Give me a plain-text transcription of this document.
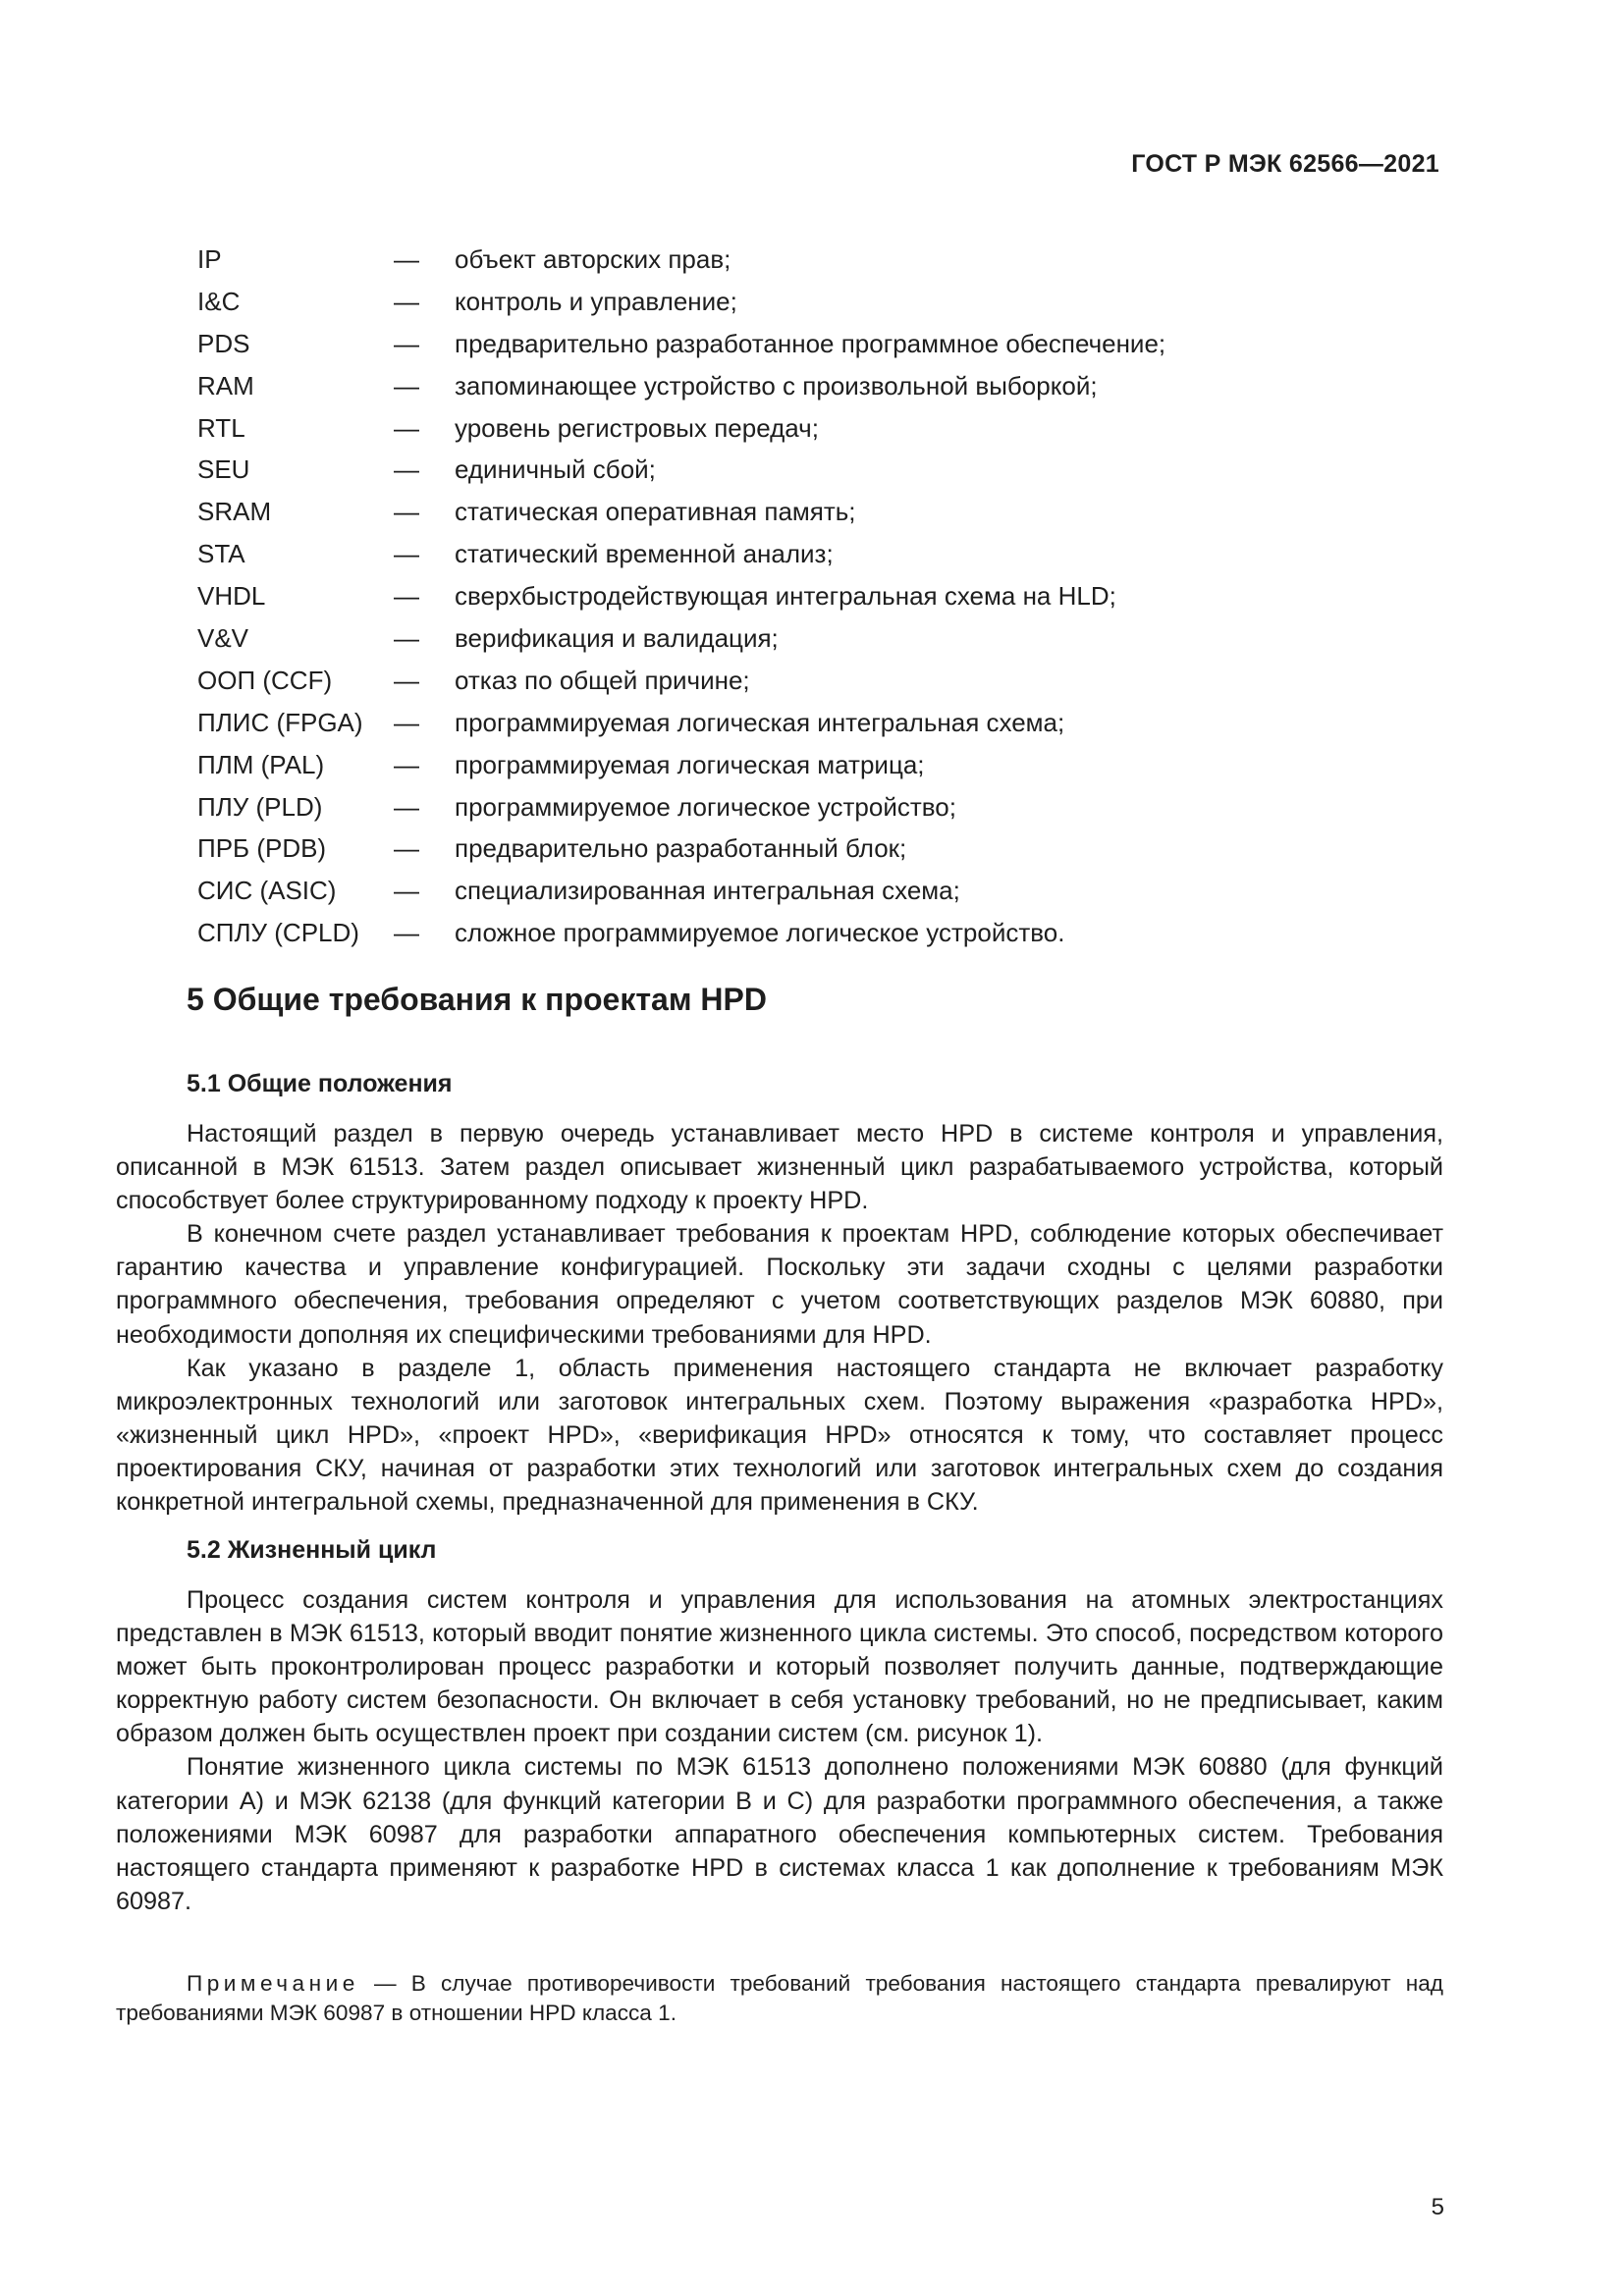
ГОСТ Р МЭК 62566—2021
IP	—	объект авторских прав;
I&C	—	контроль и управление;
PDS	—	предварительно разработанное программное обеспечение;
RAM	—	запоминающее устройство с произвольной выборкой;
RTL	—	уровень регистровых передач;
SEU	—	единичный сбой;
SRAM	—	статическая оперативная память;
STA	—	статический временной анализ;
VHDL	—	сверхбыстродействующая интегральная схема на HLD;
V&V	—	верификация и валидация;
ООП (CCF)	—	отказ по общей причине;
ПЛИС (FPGA)	—	программируемая логическая интегральная схема;
ПЛМ (PAL)	—	программируемая логическая матрица;
ПЛУ (PLD)	—	программируемое логическое устройство;
ПРБ (PDB)	—	предварительно разработанный блок;
СИС (ASIC)	—	специализированная интегральная схема;
СПЛУ (CPLD)	—	сложное программируемое логическое устройство.
5 Общие требования к проектам HPD
5.1 Общие положения

Настоящий раздел в первую очередь устанавливает место HPD в системе контроля и управления, описанной в МЭК 61513. Затем раздел описывает жизненный цикл разрабатываемого устройства, который способствует более структурированному подходу к проекту HPD.

В конечном счете раздел устанавливает требования к проектам HPD, соблюдение которых обеспечивает гарантию качества и управление конфигурацией. Поскольку эти задачи сходны с целями разработки программного обеспечения, требования определяют с учетом соответствующих разделов МЭК 60880, при необходимости дополняя их специфическими требованиями для HPD.

Как указано в разделе 1, область применения настоящего стандарта не включает разработку микроэлектронных технологий или заготовок интегральных схем. Поэтому выражения «разработка HPD», «жизненный цикл HPD», «проект HPD», «верификация HPD» относятся к тому, что составляет процесс проектирования СКУ, начиная от разработки этих технологий или заготовок интегральных схем до создания конкретной интегральной схемы, предназначенной для применения в СКУ.

5.2 Жизненный цикл

Процесс создания систем контроля и управления для использования на атомных электростанциях представлен в МЭК 61513, который вводит понятие жизненного цикла системы. Это способ, посредством которого может быть проконтролирован процесс разработки и который позволяет получить данные, подтверждающие корректную работу систем безопасности. Он включает в себя установку требований, но не предписывает, каким образом должен быть осуществлен проект при создании систем (см. рисунок 1).

Понятие жизненного цикла системы по МЭК 61513 дополнено положениями МЭК 60880 (для функций категории А) и МЭК 62138 (для функций категории В и С) для разработки программного обеспечения, а также положениями МЭК 60987 для разработки аппаратного обеспечения компьютерных систем. Требования настоящего стандарта применяют к разработке HPD в системах класса 1 как дополнение к требованиям МЭК 60987.

Примечание — В случае противоречивости требований требования настоящего стандарта превалируют над требованиями МЭК 60987 в отношении HPD класса 1.
5
